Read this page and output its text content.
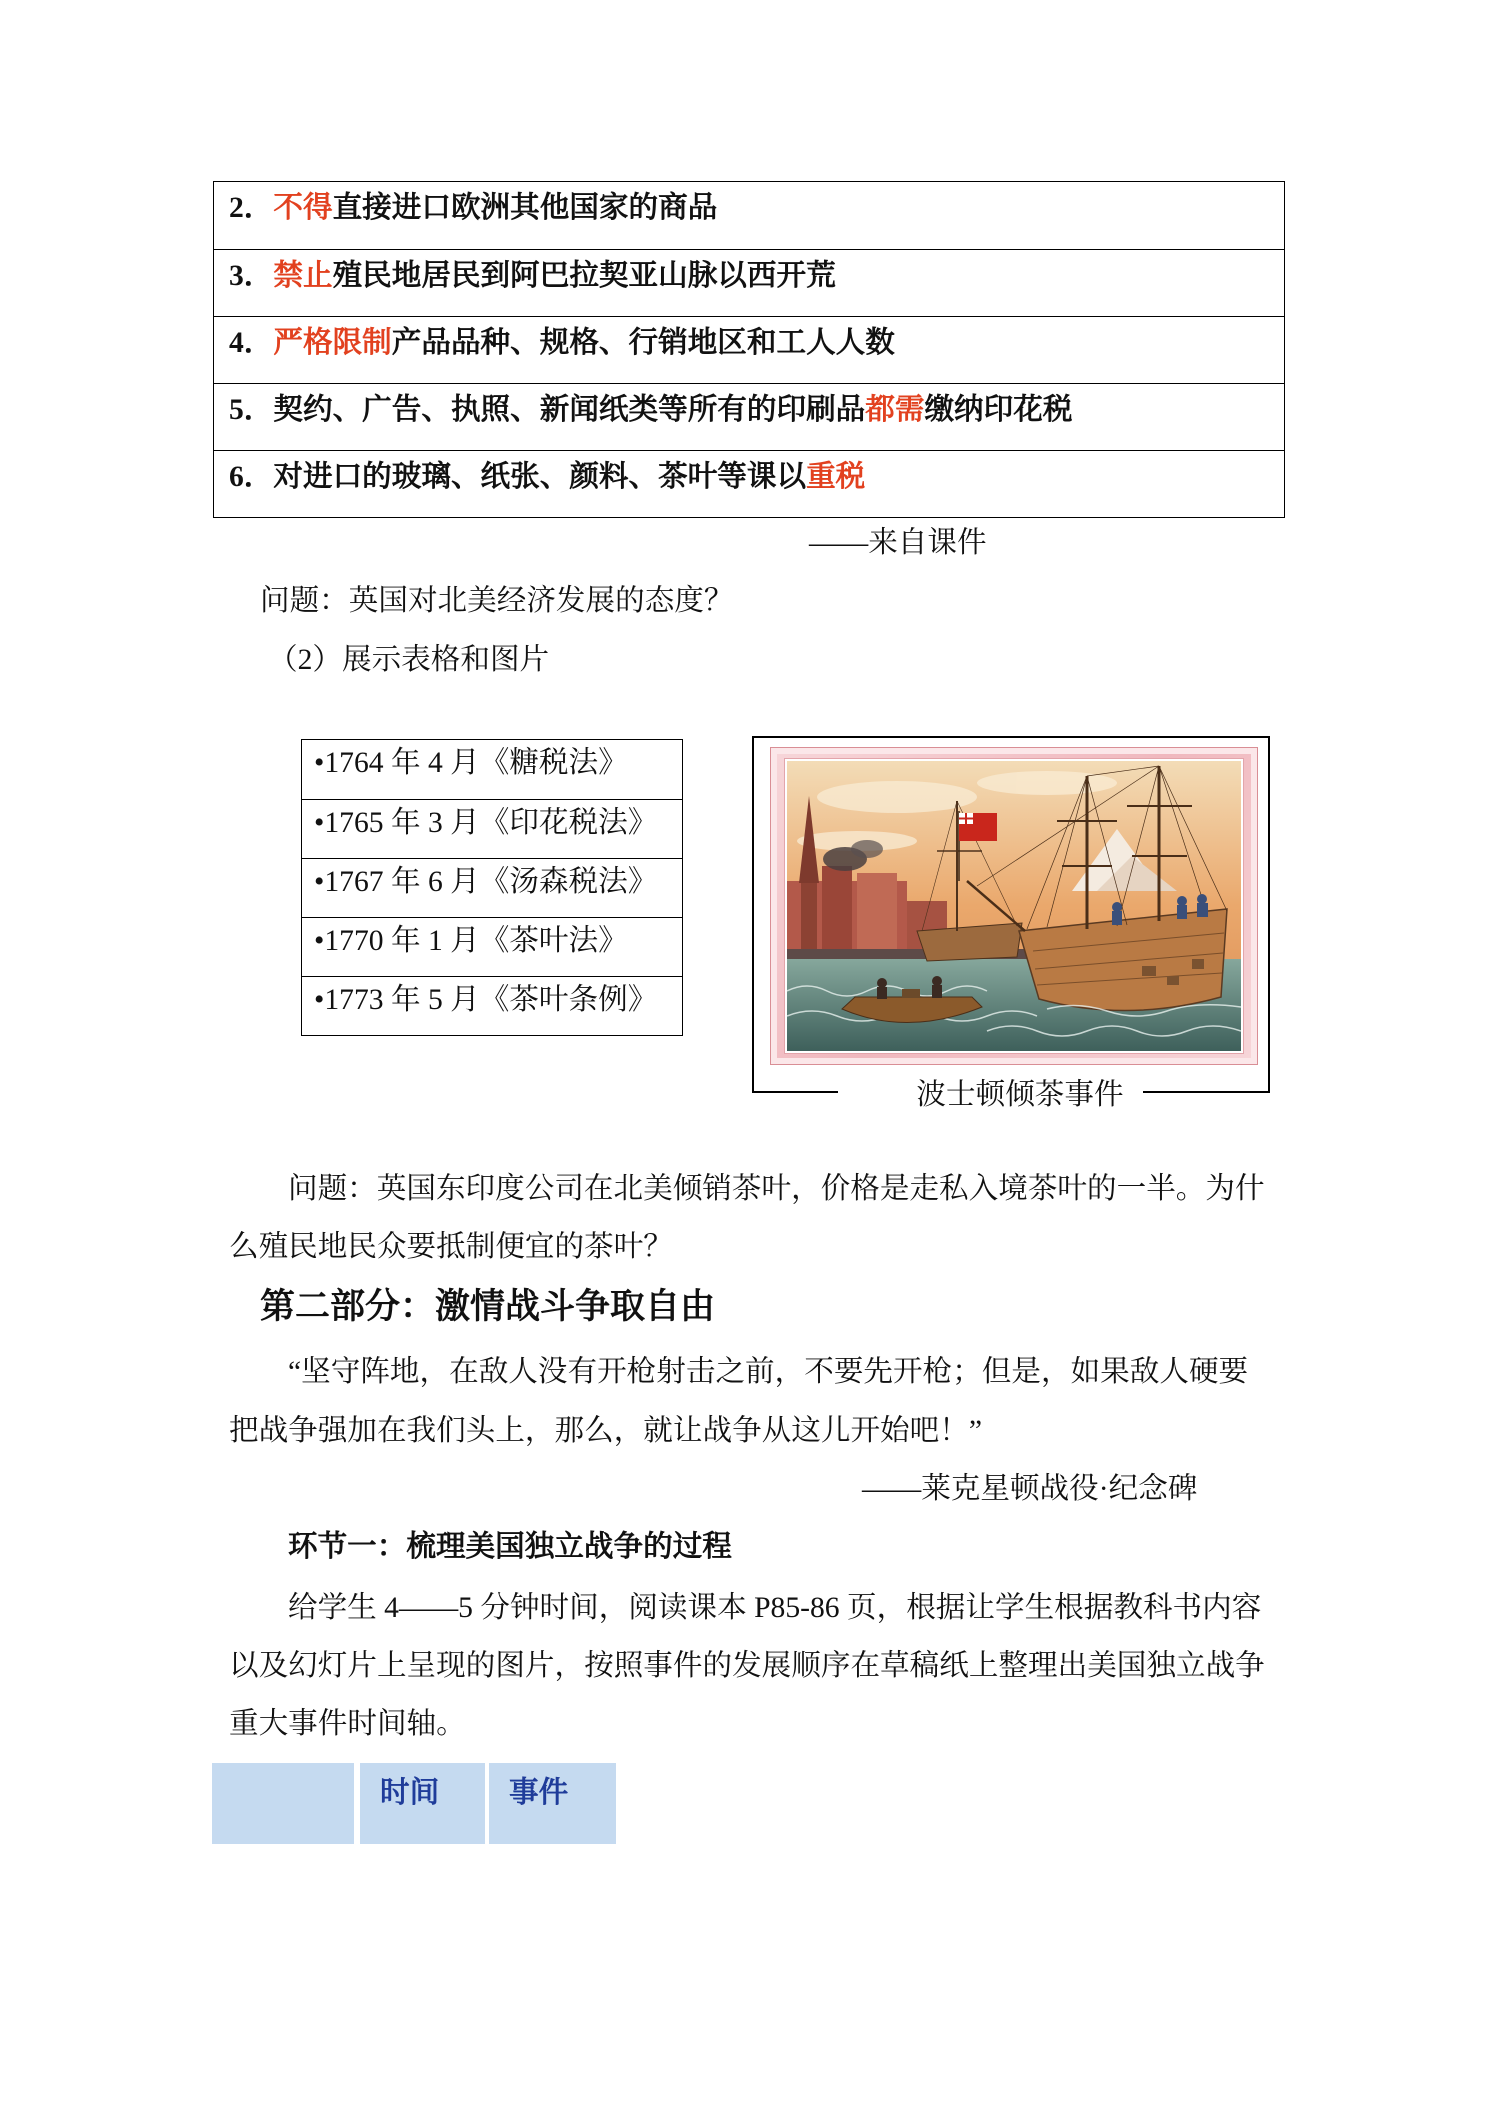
2．不得直接进口欧洲其他国家的商品
3．禁止殖民地居民到阿巴拉契亚山脉以西开荒
4．严格限制产品品种、规格、行销地区和工人人数
5．契约、广告、执照、新闻纸类等所有的印刷品都需缴纳印花税
6．对进口的玻璃、纸张、颜料、茶叶等课以重税
——来自课件
问题：英国对北美经济发展的态度？
（2）展示表格和图片
•1764 年 4 月《糖税法》
•1765 年 3 月《印花税法》
•1767 年 6 月《汤森税法》
•1770 年 1 月《茶叶法》
•1773 年 5 月《茶叶条例》
波士顿倾茶事件
问题：英国东印度公司在北美倾销茶叶，价格是走私入境茶叶的一半。为什
么殖民地民众要抵制便宜的茶叶？
第二部分：激情战斗争取自由
“坚守阵地，在敌人没有开枪射击之前，不要先开枪；但是，如果敌人硬要
把战争强加在我们头上，那么，就让战争从这儿开始吧！”
——莱克星顿战役·纪念碑
环节一：梳理美国独立战争的过程
给学生 4——5 分钟时间，阅读课本 P85-86 页，根据让学生根据教科书内容
以及幻灯片上呈现的图片，按照事件的发展顺序在草稿纸上整理出美国独立战争
重大事件时间轴。
时间	事件
